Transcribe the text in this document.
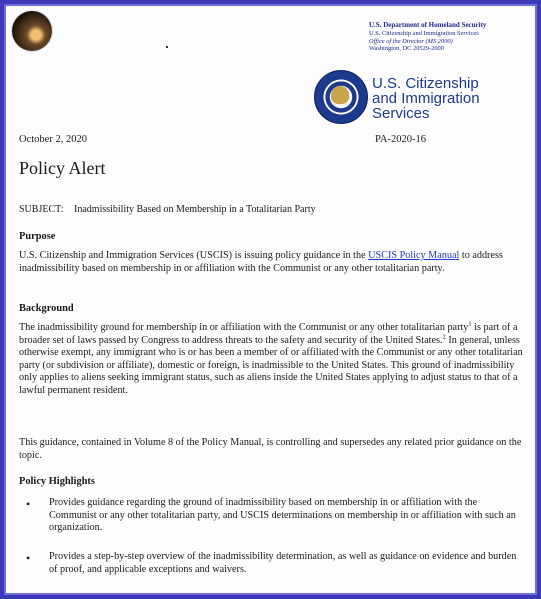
U.S. Department of Homeland Security
U.S. Citizenship and Immigration Services
Office of the Director (MS 2000)
Washington, DC 20529-2000
U.S. Citizenship
and Immigration
Services
October 2, 2020	PA-2020-16
Policy Alert
SUBJECT: Inadmissibility Based on Membership in a Totalitarian Party
Purpose
U.S. Citizenship and Immigration Services (USCIS) is issuing policy guidance in the USCIS Policy Manual to address inadmissibility based on membership in or affiliation with the Communist or any other totalitarian party.
Background
The inadmissibility ground for membership in or affiliation with the Communist or any other totalitarian party$^1$ is part of a broader set of laws passed by Congress to address threats to the safety and security of the United States.$^2$ In general, unless otherwise exempt, any immigrant who is or has been a member of or affiliated with the Communist or any other totalitarian party (or subdivision or affiliate), domestic or foreign, is inadmissible to the United States. This ground of inadmissibility only applies to aliens seeking immigrant status, such as aliens inside the United States applying to adjust status to that of a lawful permanent resident.
This guidance, contained in Volume 8 of the Policy Manual, is controlling and supersedes any related prior guidance on the topic.
Policy Highlights
• Provides guidance regarding the ground of inadmissibility based on membership in or affiliation with the Communist or any other totalitarian party, and USCIS determinations on membership in or affiliation with such an organization.
• Provides a step-by-step overview of the inadmissibility determination, as well as guidance on evidence and burden of proof, and applicable exceptions and waivers.
